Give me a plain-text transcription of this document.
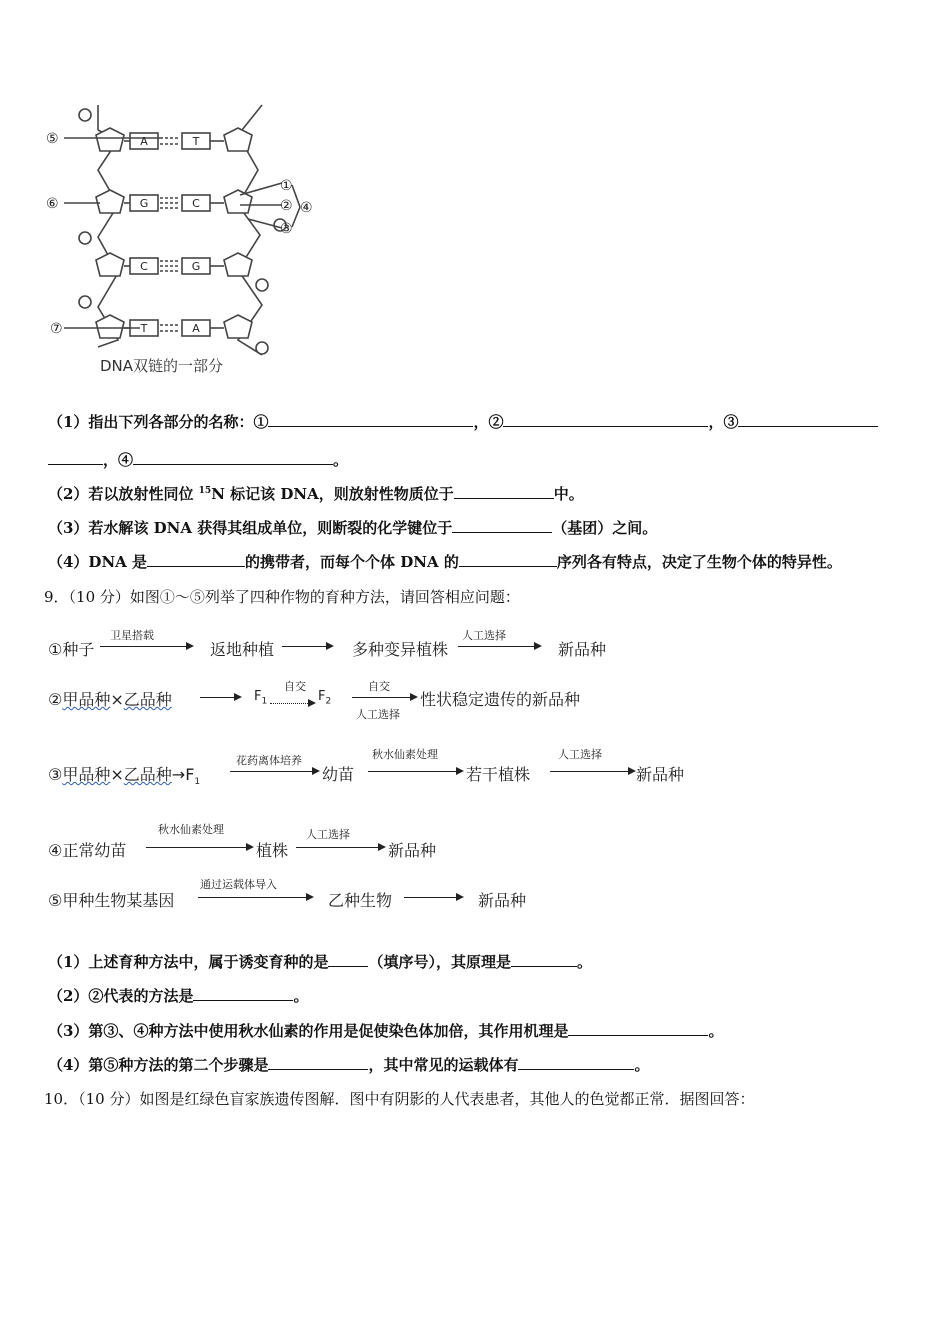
A	T
G	C
C	G
T	A
⑤
⑥
⑦
①
②
③
④
DNA双链的一部分
（1）指出下列各部分的名称：①	，②	，③
，④	。
（2）若以放射性同位 $^{15}$N 标记该 DNA，则放射性物质位于	中。
（3）若水解该 DNA 获得其组成单位，则断裂的化学键位于	（基团）之间。
（4）DNA 是	的携带者，而每个个体 DNA 的	序列各有特点，决定了生物个体的特异性。
9．（10 分）如图①～⑤列举了四种作物的育种方法，请回答相应问题：
①种子
卫星搭载
返地种植	多种变异植株
人工选择
新品种
②甲品种×乙品种	$F_1$
自交
$F_2$
自交
人工选择
性状稳定遗传的新品种
③甲品种×乙品种$\to F_1$
花药离体培养
幼苗
秋水仙素处理
若干植株
人工选择
新品种
④正常幼苗
秋水仙素处理
植株
人工选择
新品种
⑤甲种生物某基因
通过运载体导入
乙种生物	新品种
（1）上述育种方法中，属于诱变育种的是	（填序号），其原理是	。
（2）②代表的方法是	。
（3）第③、④种方法中使用秋水仙素的作用是促使染色体加倍，其作用机理是	。
（4）第⑤种方法的第二个步骤是	，其中常见的运载体有	。
10．（10 分）如图是红绿色盲家族遗传图解．图中有阴影的人代表患者，其他人的色觉都正常．据图回答：
